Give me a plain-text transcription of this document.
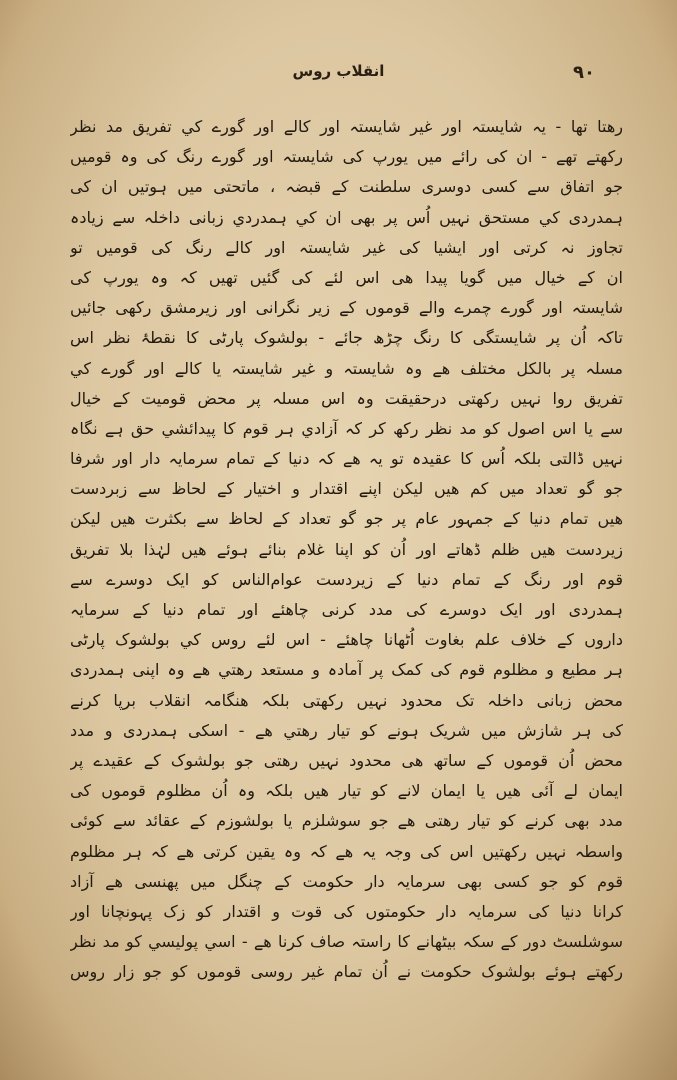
انقلاب روس	۹۰
رهتا تھا - یہ شایستہ اور غیر شایستہ اور کالے اور گورے کي تفریق مد نظر
رکھتے تھے - ان کی رائے میں یورپ کی شایستہ اور گورے رنگ کی وہ قومیں
جو اتفاق سے کسی دوسری سلطنت کے قبضہ ، ماتحتی میں ہوتیں ان کی
ہمدردی کي مستحق نہیں اُس پر بھی ان کي ہمدردي زبانی داخلہ سے زیادہ
تجاوز نہ کرتی اور ایشیا کی غیر شایستہ اور کالے رنگ کی قومیں تو
ان کے خیال میں گویا پیدا ھی اس لئے کی گئیں تھیں کہ وہ یورپ کی
شایستہ اور گورے چمرے والے قوموں کے زیر نگرانی اور زیرمشق رکھی جائیں
تاکہ اُن پر شایستگی کا رنگ چڑھ جائے - بولشوک پارٹی کا نقطۂ نظر اس
مسلہ پر بالکل مختلف ھے وہ شایستہ و غیر شایستہ یا کالے اور گورے کي
تفریق روا نہیں رکھتی درحقیقت وہ اس مسلہ پر محض قومیت کے خیال
سے یا اس اصول کو مد نظر رکھ کر کہ آزادي ہر قوم کا پیدائشي حق ہے نگاہ
نہیں ڈالتی بلکہ اُس کا عقیدہ تو یہ ھے کہ دنیا کے تمام سرمایہ دار اور شرفا
جو گو تعداد میں کم ھیں لیکن اپنے اقتدار و اختیار کے لحاظ سے زبردست
ھیں تمام دنیا کے جمہور عام پر جو گو تعداد کے لحاظ سے بکثرت ھیں لیکن
زیردست ھیں ظلم ڈھاتے اور اُن کو اپنا غلام بنائے ہوئے ھیں لہٰذا بلا تفریق
قوم اور رنگ کے تمام دنیا کے زیردست عوام‌الناس کو ایک دوسرے سے
ہمدردی اور ایک دوسرے کی مدد کرنی چاھئے اور تمام دنیا کے سرمایہ
داروں کے خلاف علم بغاوت اُٹھانا چاھئے - اس لئے روس کي بولشوک پارٹی
ہر مطیع و مظلوم قوم کی کمک پر آمادہ و مستعد رھتي ھے وہ اپنی ہمدردی
محض زبانی داخلہ تک محدود نہیں رکھتی بلکہ ھنگامہ انقلاب برپا کرنے
کی ہر شازش میں شریک ہونے کو تیار رھتي ھے - اسکی ہمدردی و مدد
محض اُن قوموں کے ساتھ ھی محدود نہیں رھتی جو بولشوک کے عقیدے پر
ایمان لے آئی ھیں یا ایمان لانے کو تیار ھیں بلکہ وہ اُن مظلوم قوموں کی
مدد بھی کرنے کو تیار رھتی ھے جو سوشلزم یا بولشوزم کے عقائد سے کوئی
واسطہ نہیں رکھتیں اس کی وجہ یہ ھے کہ وہ یقین کرتی ھے کہ ہر مظلوم
قوم کو جو کسی بھی سرمایہ دار حکومت کے چنگل میں پھنسی ھے آزاد
کرانا دنیا کی سرمایہ دار حکومتوں کی قوت و اقتدار کو زک پہونچانا اور
سوشلسٹ دور کے سکہ بیٹھانے کا راستہ صاف کرنا ھے - اسي پولیسي کو مد نظر
رکھتے ہوئے بولشوک حکومت نے اُن تمام غیر روسی قوموں کو جو زار روس
